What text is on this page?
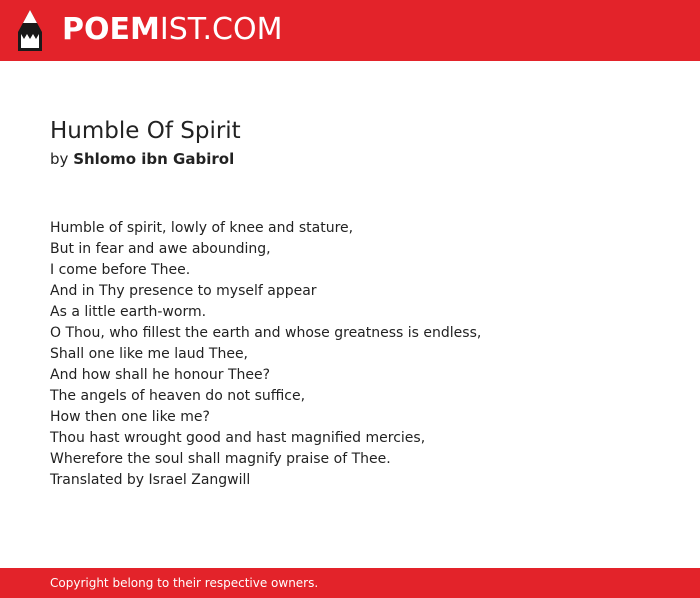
POEMIST.COM
Humble Of Spirit
by Shlomo ibn Gabirol
Humble of spirit, lowly of knee and stature,
But in fear and awe abounding,
I come before Thee.
And in Thy presence to myself appear
As a little earth-worm.
O Thou, who fillest the earth and whose greatness is endless,
Shall one like me laud Thee,
And how shall he honour Thee?
The angels of heaven do not suffice,
How then one like me?
Thou hast wrought good and hast magnified mercies,
Wherefore the soul shall magnify praise of Thee.
Translated by Israel Zangwill
Copyright belong to their respective owners.
